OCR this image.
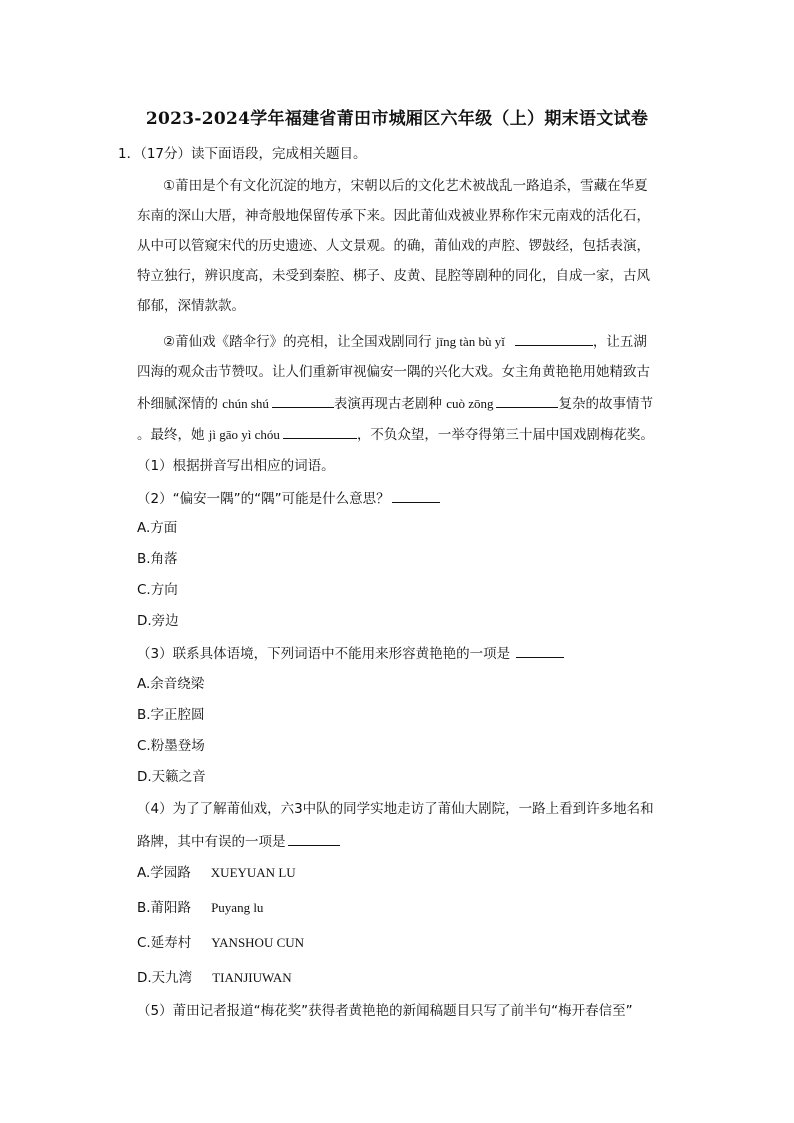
2023-2024学年福建省莆田市城厢区六年级（上）期末语文试卷
1．（17分）读下面语段，完成相关题目。
①莆田是个有文化沉淀的地方，宋朝以后的文化艺术被战乱一路追杀，雪藏在华夏
东南的深山大厝，神奇般地保留传承下来。因此莆仙戏被业界称作宋元南戏的活化石，
从中可以管窥宋代的历史遗迹、人文景观。的确，莆仙戏的声腔、锣鼓经，包括表演，
特立独行，辨识度高，未受到秦腔、梆子、皮黄、昆腔等剧种的同化，自成一家，古风
郁郁，深情款款。
②莆仙戏《踏伞行》的亮相，让全国戏剧同行 jīng tàn bù yǐ	，让五湖
四海的观众击节赞叹。让人们重新审视偏安一隅的兴化大戏。女主角黄艳艳用她精致古
朴细腻深情的 chún shú	表演再现古老剧种 cuò zōng	复杂的故事情节
。最终，她 jì gāo yì chóu	，不负众望，一举夺得第三十届中国戏剧梅花奖。
（1）根据拼音写出相应的词语。
（2）“偏安一隅”的“隅”可能是什么意思？
A.方面
B.角落
C.方向
D.旁边
（3）联系具体语境，下列词语中不能用来形容黄艳艳的一项是
A.余音绕梁
B.字正腔圆
C.粉墨登场
D.天籁之音
（4）为了了解莆仙戏，六3中队的同学实地走访了莆仙大剧院，一路上看到许多地名和
路牌，其中有误的一项是
A.学园路 XUEYUAN LU
B.莆阳路 Puyang lu
C.延寿村 YANSHOU CUN
D.天九湾 TIANJIUWAN
（5）莆田记者报道“梅花奖”获得者黄艳艳的新闻稿题目只写了前半句“梅开春信至”
